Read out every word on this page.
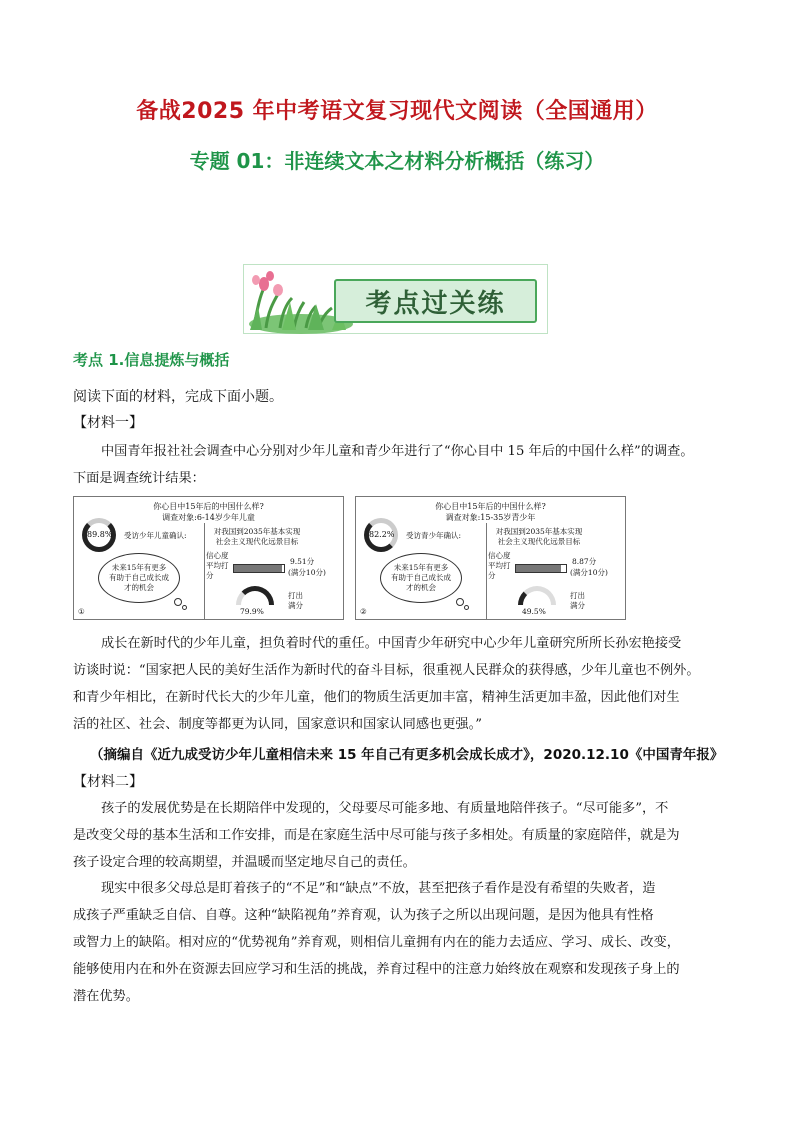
备战2025 年中考语文复习现代文阅读（全国通用）
专题 01：非连续文本之材料分析概括（练习）
考点过关练
考点 1.信息提炼与概括
阅读下面的材料，完成下面小题。
【材料一】
中国青年报社社会调查中心分别对少年儿童和青少年进行了“你心目中 15 年后的中国什么样”的调查。
下面是调查统计结果：
你心目中15年后的中国什么样?
调查对象:6-14岁少年儿童
89.8% 受访少年儿童确认:
未来15年有更多有助于自己成长成才的机会
①
对我国到2035年基本实现社会主义现代化远景目标
信心度平均打分
9.51分
(满分10分)
79.9%
打出满分
你心目中15年后的中国什么样?
调查对象:15-35岁青少年
82.2% 受访青少年确认:
未来15年有更多有助于自己成长成才的机会
②
对我国到2035年基本实现社会主义现代化远景目标
信心度平均打分
8.87分
(满分10分)
49.5%
打出满分
成长在新时代的少年儿童，担负着时代的重任。中国青少年研究中心少年儿童研究所所长孙宏艳接受
访谈时说：“国家把人民的美好生活作为新时代的奋斗目标，很重视人民群众的获得感，少年儿童也不例外。
和青少年相比，在新时代长大的少年儿童，他们的物质生活更加丰富，精神生活更加丰盈，因此他们对生
活的社区、社会、制度等都更为认同，国家意识和国家认同感也更强。”
（摘编自《近九成受访少年儿童相信未来 15 年自己有更多机会成长成才》，2020.12.10《中国青年报》
【材料二】
孩子的发展优势是在长期陪伴中发现的，父母要尽可能多地、有质量地陪伴孩子。“尽可能多”，不
是改变父母的基本生活和工作安排，而是在家庭生活中尽可能与孩子多相处。有质量的家庭陪伴，就是为
孩子设定合理的较高期望，并温暖而坚定地尽自己的责任。
现实中很多父母总是盯着孩子的“不足”和“缺点”不放，甚至把孩子看作是没有希望的失败者，造
成孩子严重缺乏自信、自尊。这种“缺陷视角”养育观，认为孩子之所以出现问题，是因为他具有性格
或智力上的缺陷。相对应的“优势视角”养育观，则相信儿童拥有内在的能力去适应、学习、成长、改变，
能够使用内在和外在资源去回应学习和生活的挑战，养育过程中的注意力始终放在观察和发现孩子身上的
潜在优势。
